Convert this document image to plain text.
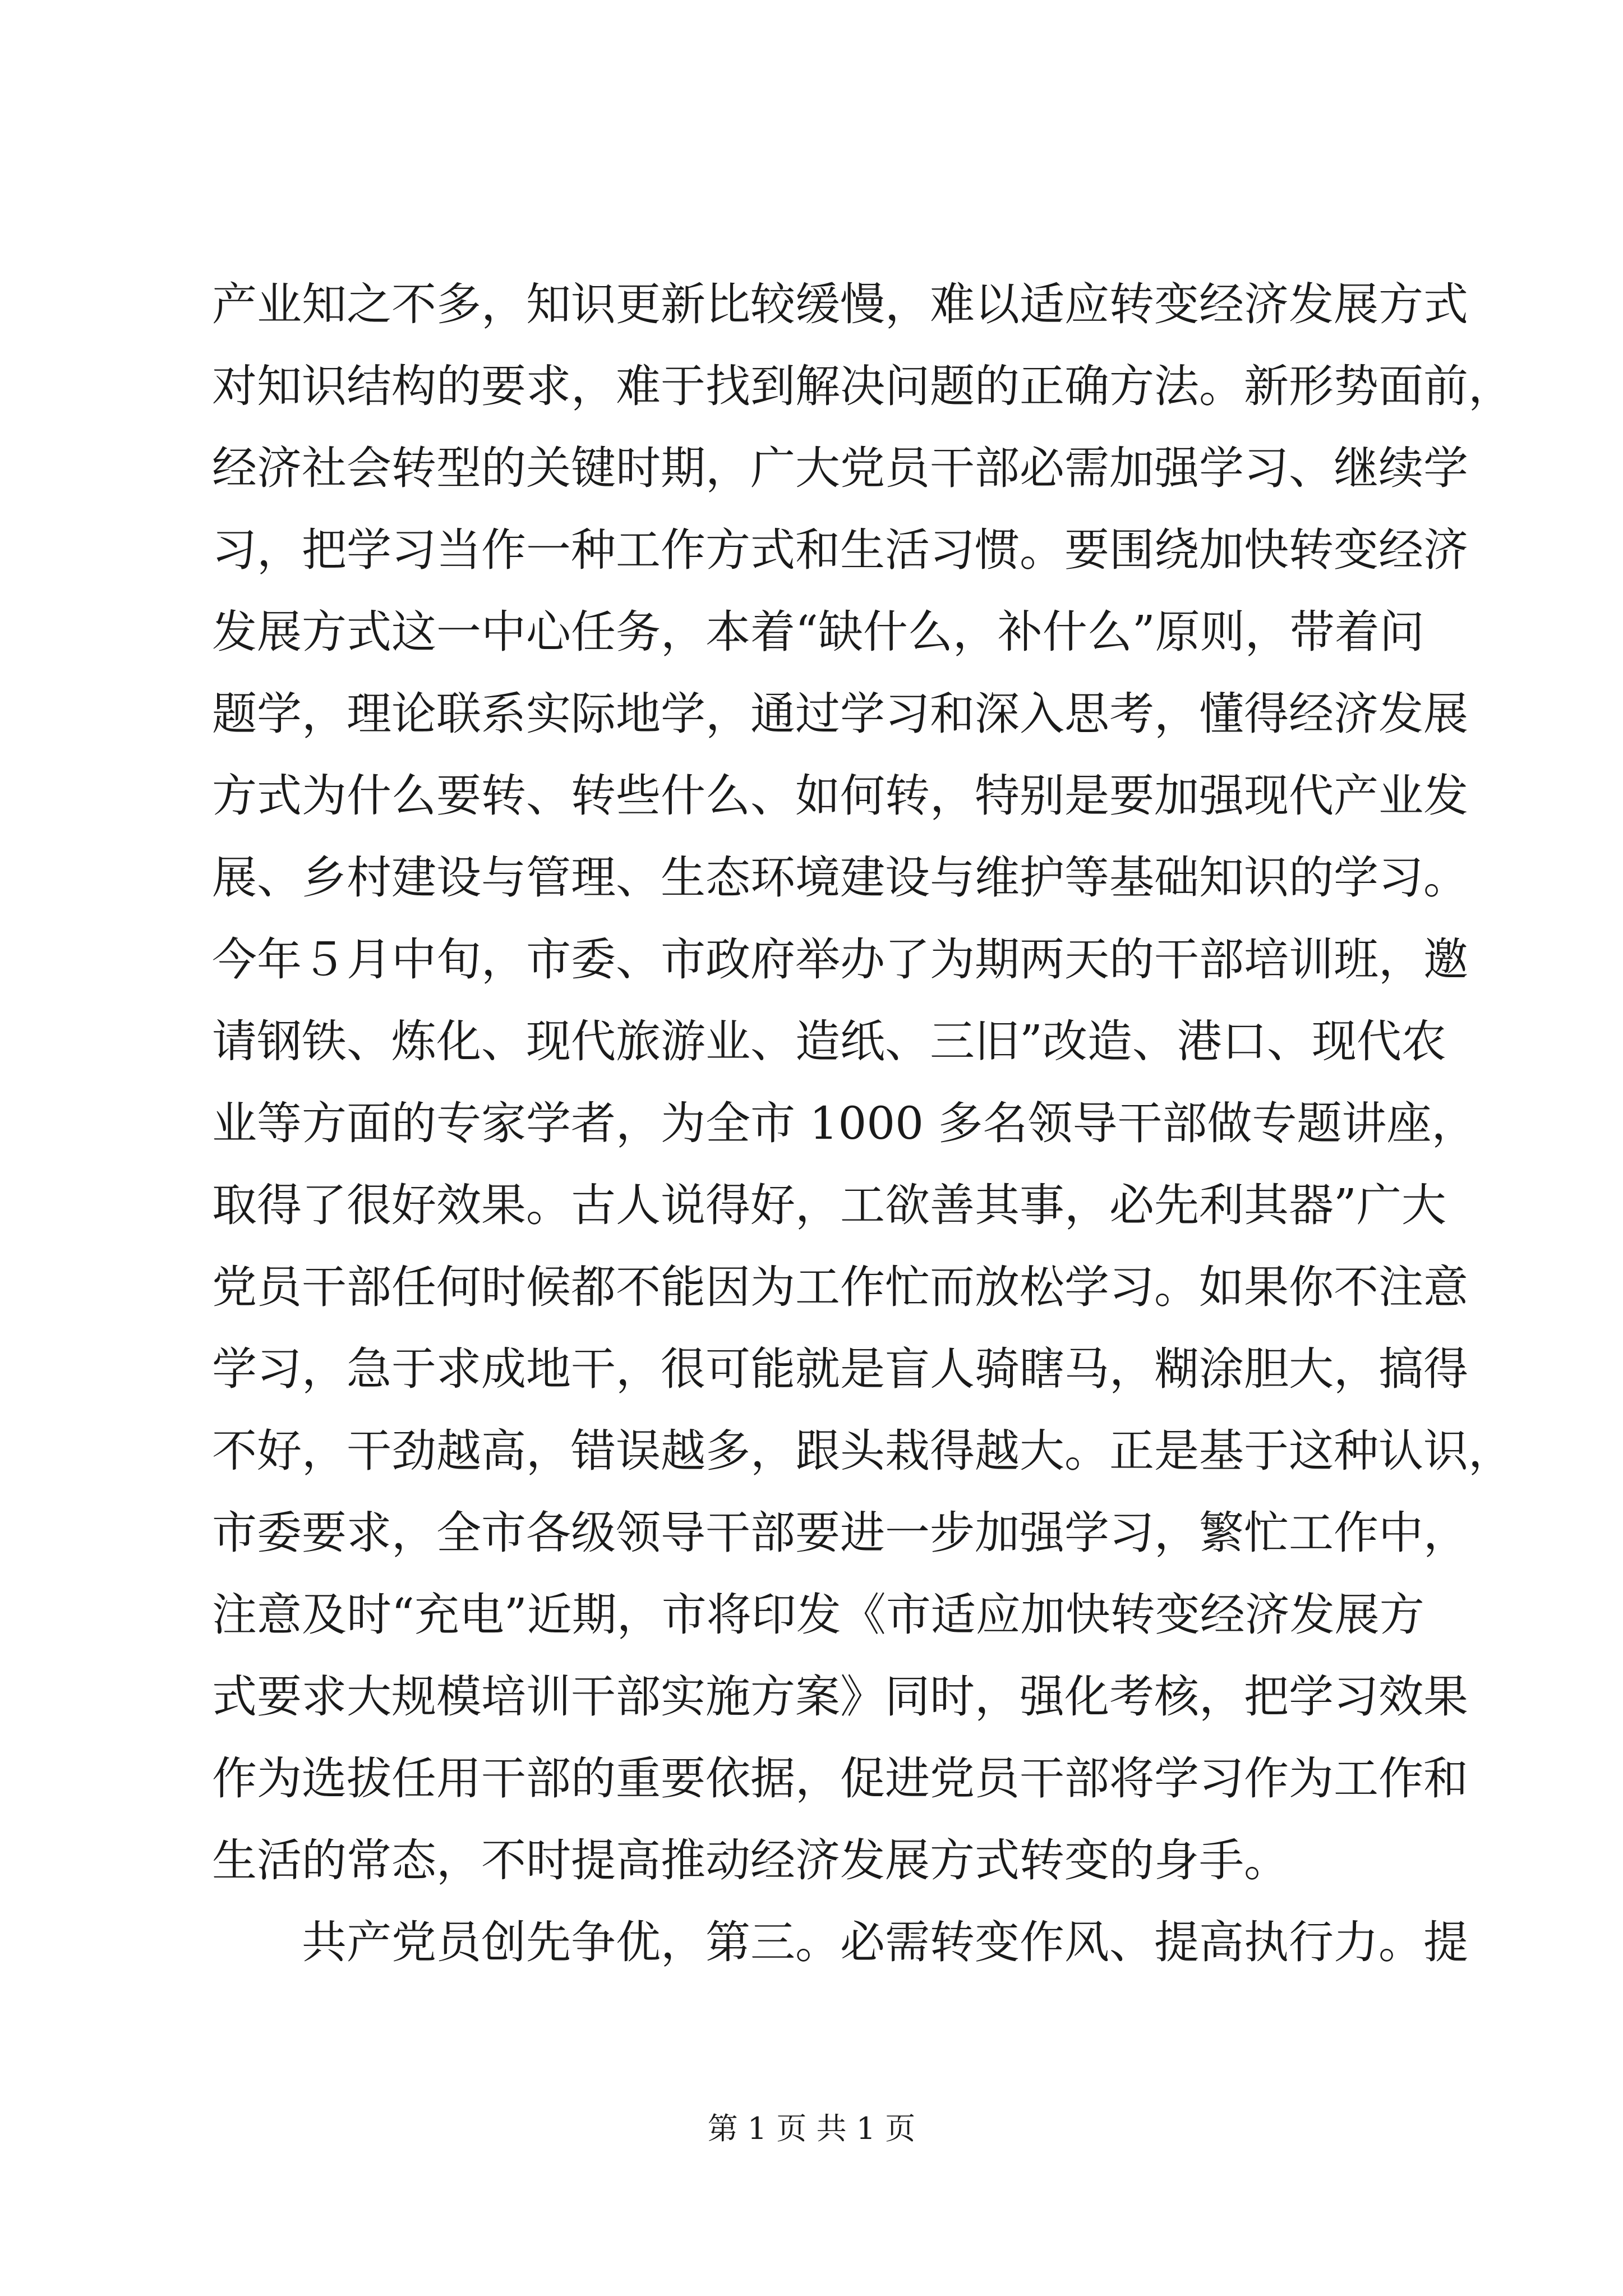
产业知之不多，知识更新比较缓慢，难以适应转变经济发展方式
对知识结构的要求，难于找到解决问题的正确方法。新形势面前，
经济社会转型的关键时期，广大党员干部必需加强学习、继续学
习，把学习当作一种工作方式和生活习惯。要围绕加快转变经济
发展方式这一中心任务，本着“缺什么，补什么”原则，带着问
题学，理论联系实际地学，通过学习和深入思考，懂得经济发展
方式为什么要转、转些什么、如何转，特别是要加强现代产业发
展、乡村建设与管理、生态环境建设与维护等基础知识的学习。
今年５月中旬，市委、市政府举办了为期两天的干部培训班，邀
请钢铁、炼化、现代旅游业、造纸、三旧”改造、港口、现代农
业等方面的专家学者，为全市 1000 多名领导干部做专题讲座，
取得了很好效果。古人说得好，工欲善其事，必先利其器”广大
党员干部任何时候都不能因为工作忙而放松学习。如果你不注意
学习，急于求成地干，很可能就是盲人骑瞎马，糊涂胆大，搞得
不好，干劲越高，错误越多，跟头栽得越大。正是基于这种认识，
市委要求，全市各级领导干部要进一步加强学习，繁忙工作中，
注意及时“充电”近期，市将印发《市适应加快转变经济发展方
式要求大规模培训干部实施方案》同时，强化考核，把学习效果
作为选拔任用干部的重要依据，促进党员干部将学习作为工作和
生活的常态，不时提高推动经济发展方式转变的身手。
共产党员创先争优，第三。必需转变作风、提高执行力。提
第 1 页 共 1 页
